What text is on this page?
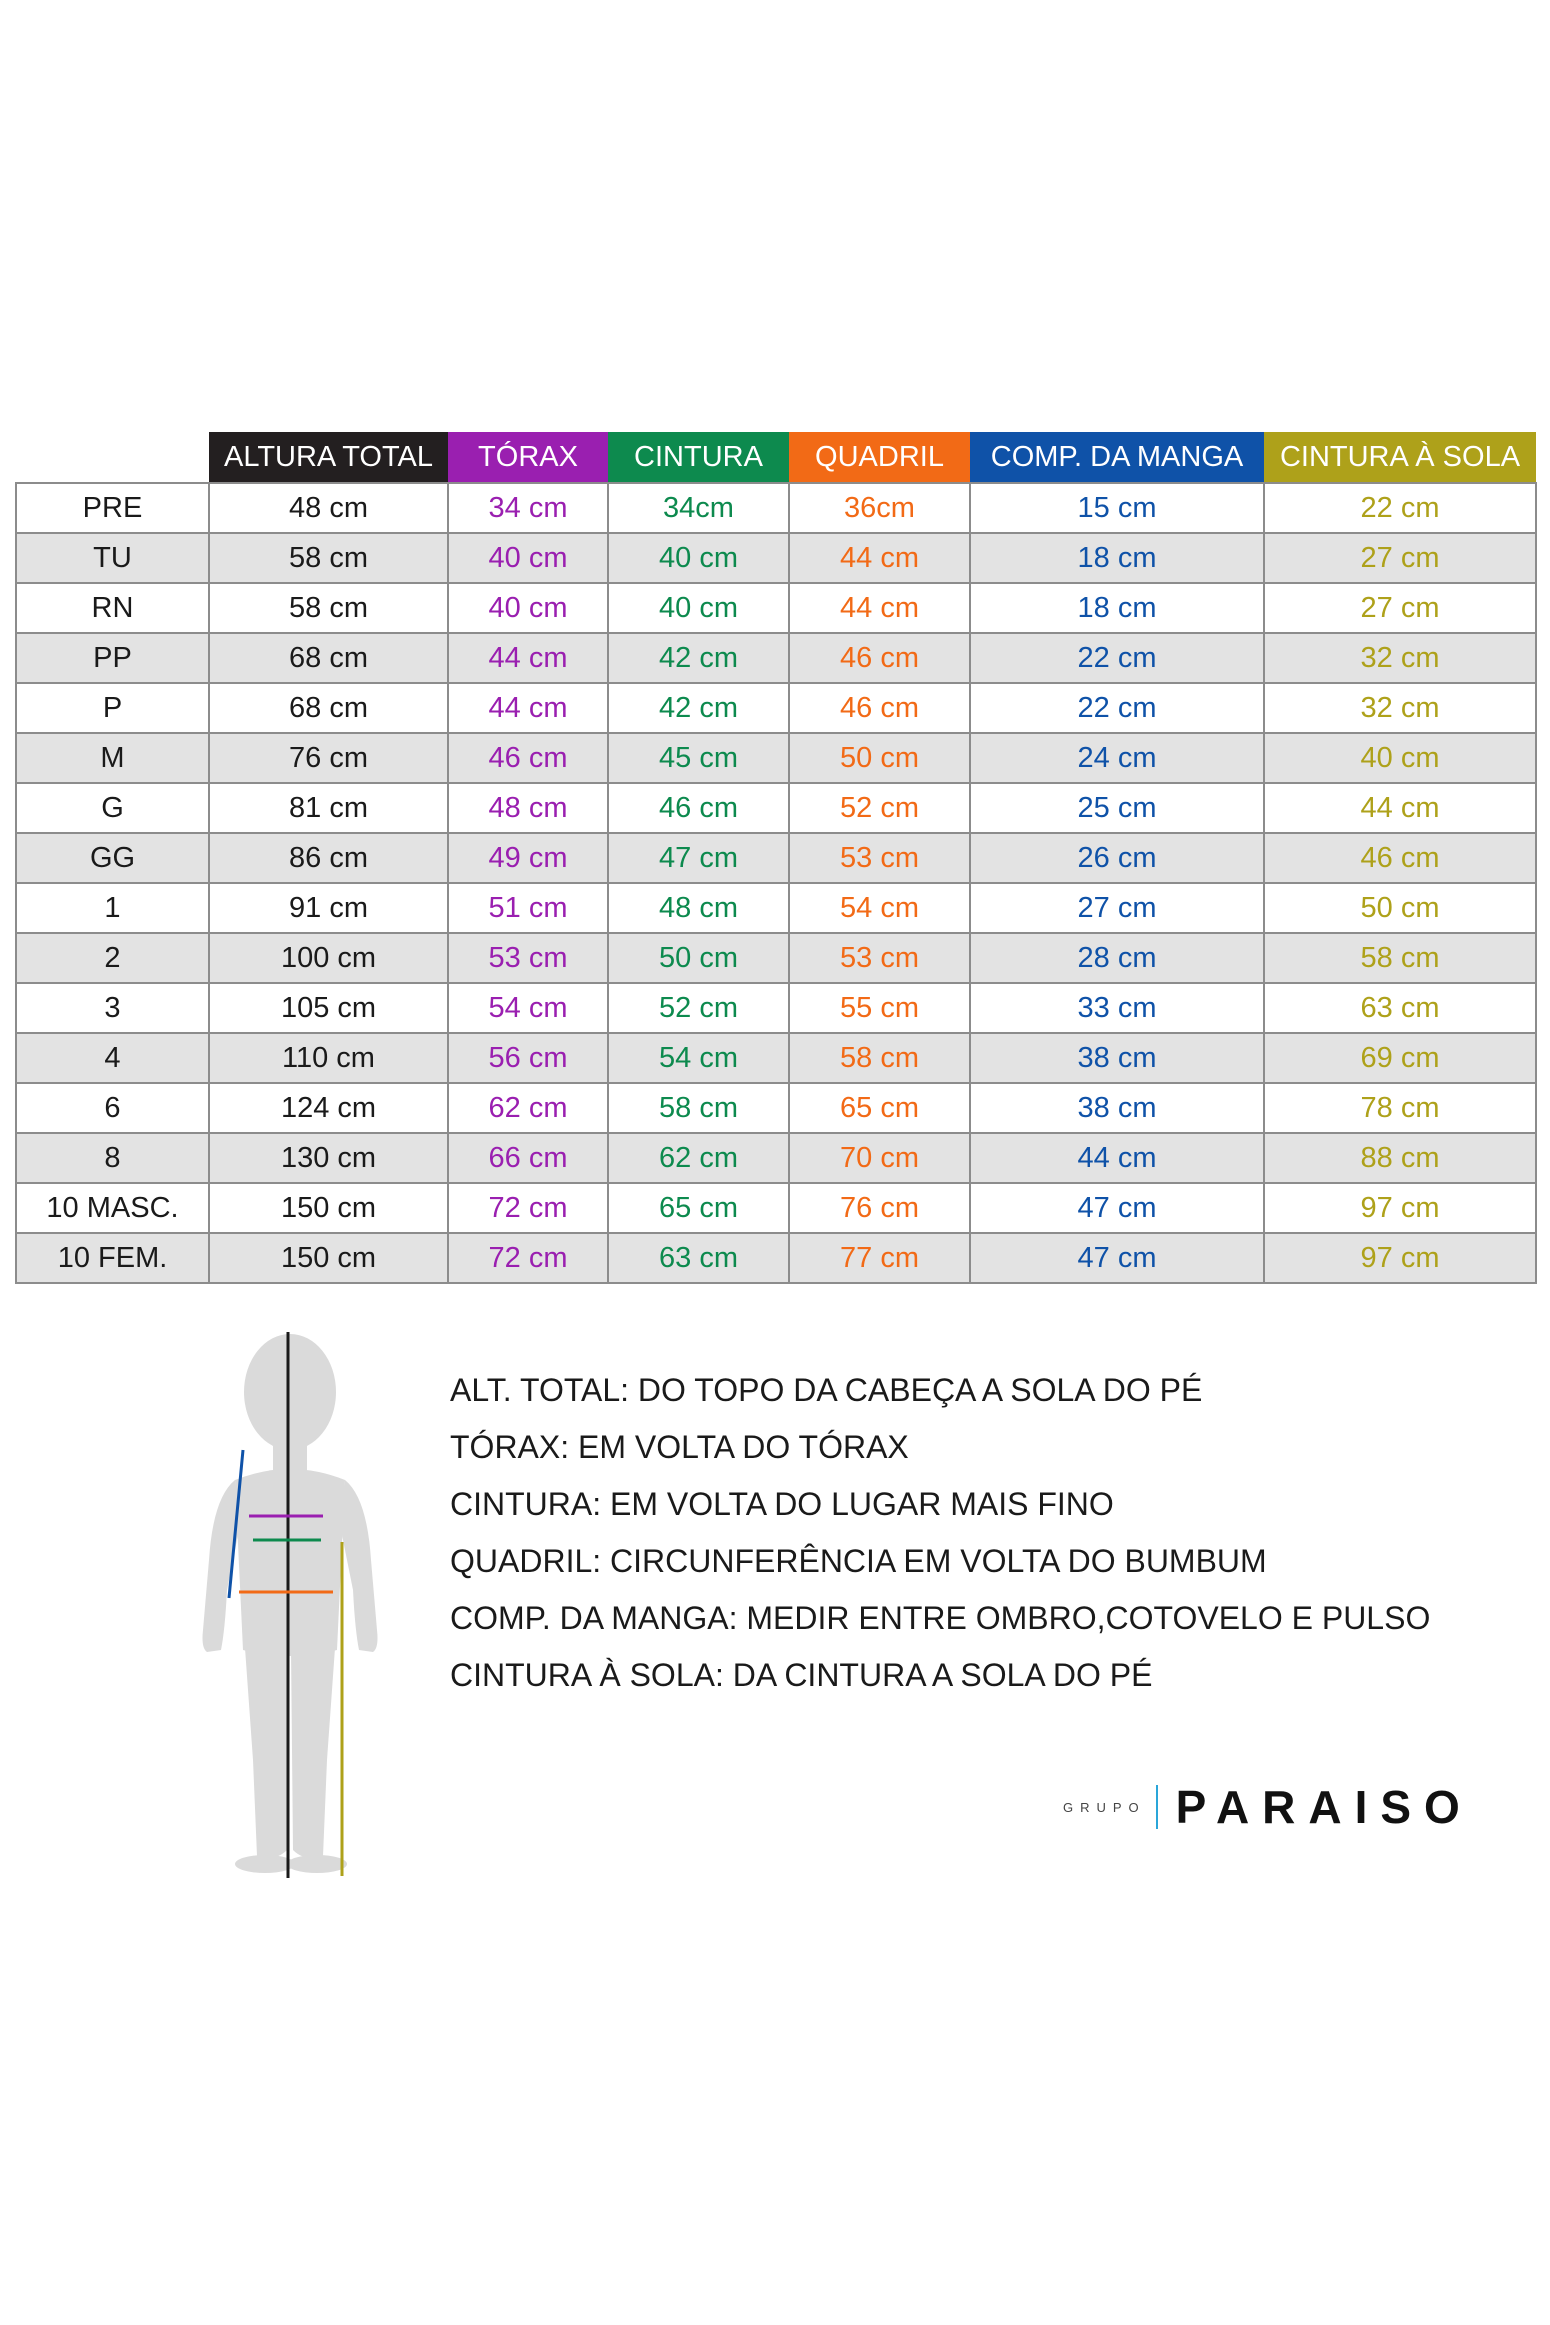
	ALTURA TOTAL	TÓRAX	CINTURA	QUADRIL	COMP. DA MANGA	CINTURA À SOLA
PRE	48 cm	34 cm	34cm	36cm	15 cm	22 cm
TU	58 cm	40 cm	40 cm	44 cm	18 cm	27 cm
RN	58 cm	40 cm	40 cm	44 cm	18 cm	27 cm
PP	68 cm	44 cm	42 cm	46 cm	22 cm	32 cm
P	68 cm	44 cm	42 cm	46 cm	22 cm	32 cm
M	76 cm	46 cm	45 cm	50 cm	24 cm	40 cm
G	81 cm	48 cm	46 cm	52 cm	25 cm	44 cm
GG	86 cm	49 cm	47 cm	53 cm	26 cm	46 cm
1	91 cm	51 cm	48 cm	54 cm	27 cm	50 cm
2	100 cm	53 cm	50 cm	53 cm	28 cm	58 cm
3	105 cm	54 cm	52 cm	55 cm	33 cm	63 cm
4	110 cm	56 cm	54 cm	58 cm	38 cm	69 cm
6	124 cm	62 cm	58 cm	65 cm	38 cm	78 cm
8	130 cm	66 cm	62 cm	70 cm	44 cm	88 cm
10 MASC.	150 cm	72 cm	65 cm	76 cm	47 cm	97 cm
10 FEM.	150 cm	72 cm	63 cm	77 cm	47 cm	97 cm
ALT. TOTAL: DO TOPO DA CABEÇA A SOLA DO PÉ
TÓRAX: EM VOLTA DO TÓRAX
CINTURA: EM VOLTA DO LUGAR MAIS FINO
QUADRIL: CIRCUNFERÊNCIA EM VOLTA DO BUMBUM
COMP. DA MANGA: MEDIR ENTRE OMBRO,COTOVELO E PULSO
CINTURA À SOLA: DA CINTURA A SOLA DO PÉ
GRUPO PARAISO
